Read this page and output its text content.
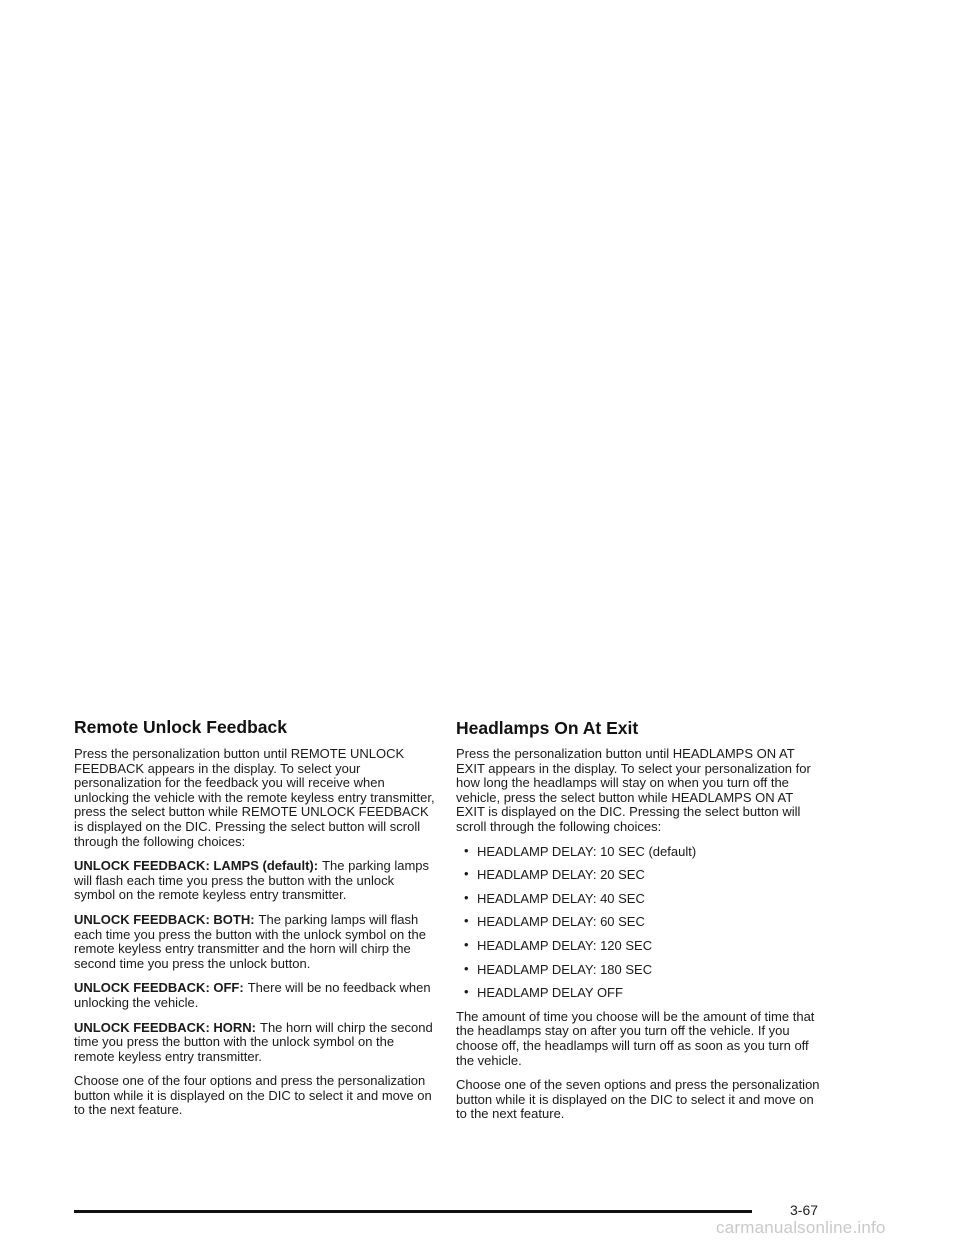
Remote Unlock Feedback

Press the personalization button until REMOTE UNLOCK FEEDBACK appears in the display. To select your personalization for the feedback you will receive when unlocking the vehicle with the remote keyless entry transmitter, press the select button while REMOTE UNLOCK FEEDBACK is displayed on the DIC. Pressing the select button will scroll through the following choices:

UNLOCK FEEDBACK: LAMPS (default): The parking lamps will flash each time you press the button with the unlock symbol on the remote keyless entry transmitter.

UNLOCK FEEDBACK: BOTH: The parking lamps will flash each time you press the button with the unlock symbol on the remote keyless entry transmitter and the horn will chirp the second time you press the unlock button.

UNLOCK FEEDBACK: OFF: There will be no feedback when unlocking the vehicle.

UNLOCK FEEDBACK: HORN: The horn will chirp the second time you press the button with the unlock symbol on the remote keyless entry transmitter.

Choose one of the four options and press the personalization button while it is displayed on the DIC to select it and move on to the next feature.

Headlamps On At Exit

Press the personalization button until HEADLAMPS ON AT EXIT appears in the display. To select your personalization for how long the headlamps will stay on when you turn off the vehicle, press the select button while HEADLAMPS ON AT EXIT is displayed on the DIC. Pressing the select button will scroll through the following choices:

• HEADLAMP DELAY: 10 SEC (default)
• HEADLAMP DELAY: 20 SEC
• HEADLAMP DELAY: 40 SEC
• HEADLAMP DELAY: 60 SEC
• HEADLAMP DELAY: 120 SEC
• HEADLAMP DELAY: 180 SEC
• HEADLAMP DELAY OFF

The amount of time you choose will be the amount of time that the headlamps stay on after you turn off the vehicle. If you choose off, the headlamps will turn off as soon as you turn off the vehicle.

Choose one of the seven options and press the personalization button while it is displayed on the DIC to select it and move on to the next feature.

3-67
carmanualsonline.info
